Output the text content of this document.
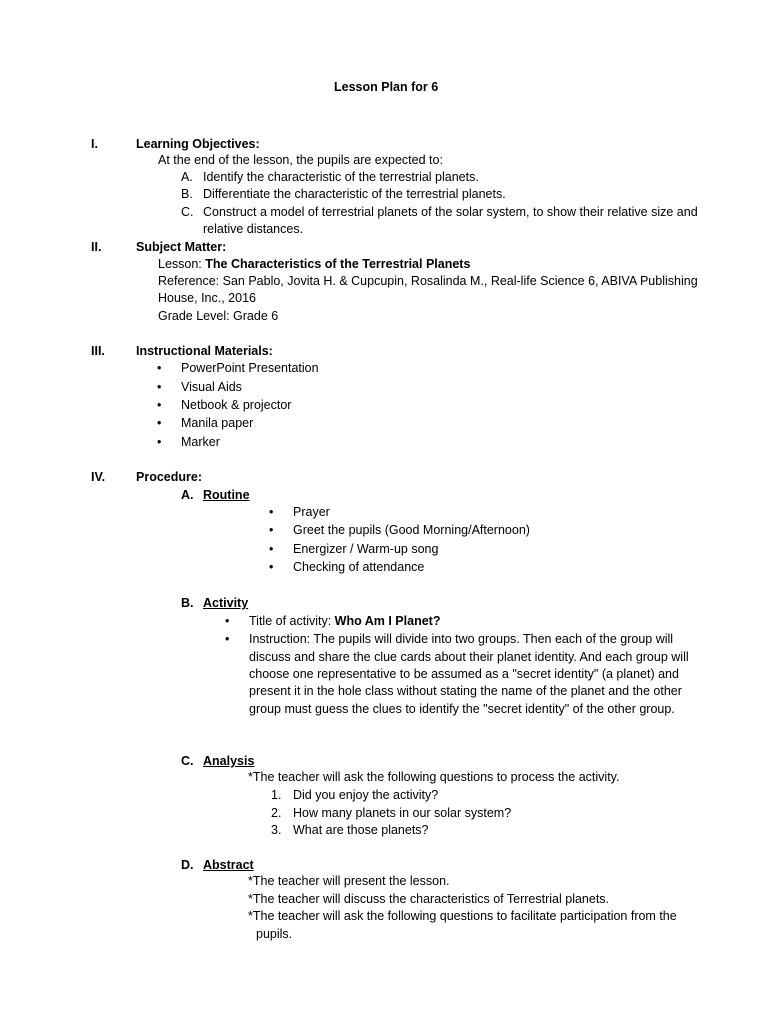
Lesson Plan for 6
I.	Learning Objectives:
At the end of the lesson, the pupils are expected to:
A. Identify the characteristic of the terrestrial planets.
B. Differentiate the characteristic of the terrestrial planets.
C. Construct a model of terrestrial planets of the solar system, to show their relative size and
relative distances.
II.	Subject Matter:
Lesson: The Characteristics of the Terrestrial Planets
Reference: San Pablo, Jovita H. & Cupcupin, Rosalinda M., Real-life Science 6, ABIVA Publishing
House, Inc., 2016
Grade Level: Grade 6
III. Instructional Materials:
• PowerPoint Presentation
• Visual Aids
• Netbook & projector
• Manila paper
• Marker
IV. Procedure:
A. Routine
• Prayer
• Greet the pupils (Good Morning/Afternoon)
• Energizer / Warm-up song
• Checking of attendance
B. Activity
• Title of activity: Who Am I Planet?
• Instruction: The pupils will divide into two groups. Then each of the group will
discuss and share the clue cards about their planet identity. And each group will
choose one representative to be assumed as a "secret identity" (a planet) and
present it in the hole class without stating the name of the planet and the other
group must guess the clues to identify the "secret identity" of the other group.
C. Analysis
*The teacher will ask the following questions to process the activity.
1. Did you enjoy the activity?
2. How many planets in our solar system?
3. What are those planets?
D. Abstract
*The teacher will present the lesson.
*The teacher will discuss the characteristics of Terrestrial planets.
*The teacher will ask the following questions to facilitate participation from the
pupils.
